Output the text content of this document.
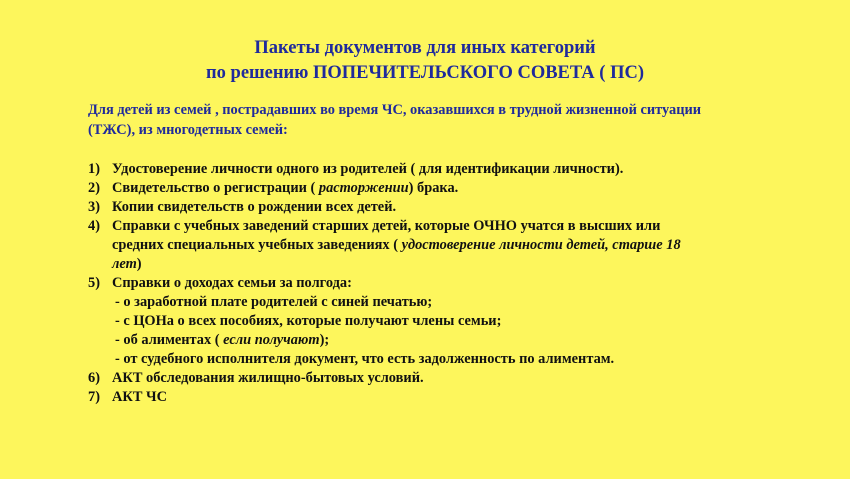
Пакеты документов для иных категорий
по решению ПОПЕЧИТЕЛЬСКОГО СОВЕТА ( ПС)
Для детей из семей , пострадавших во время ЧС, оказавшихся в трудной жизненной ситуации
(ТЖС), из многодетных семей:
1) Удостоверение личности одного из родителей ( для идентификации личности).
2) Свидетельство о регистрации ( расторжении) брака.
3) Копии свидетельств о рождении всех детей.
4) Справки с учебных заведений старших детей, которые ОЧНО учатся в высших или
средних специальных учебных заведениях ( удостоверение личности детей, старше 18
лет)
5) Справки о доходах семьи за полгода:
- о заработной плате родителей с синей печатью;
- с ЦОНа о всех пособиях, которые получают члены семьи;
- об алиментах ( если получают);
- от судебного исполнителя документ, что есть задолженность по алиментам.
6) АКТ обследования жилищно-бытовых условий.
7) АКТ ЧС
